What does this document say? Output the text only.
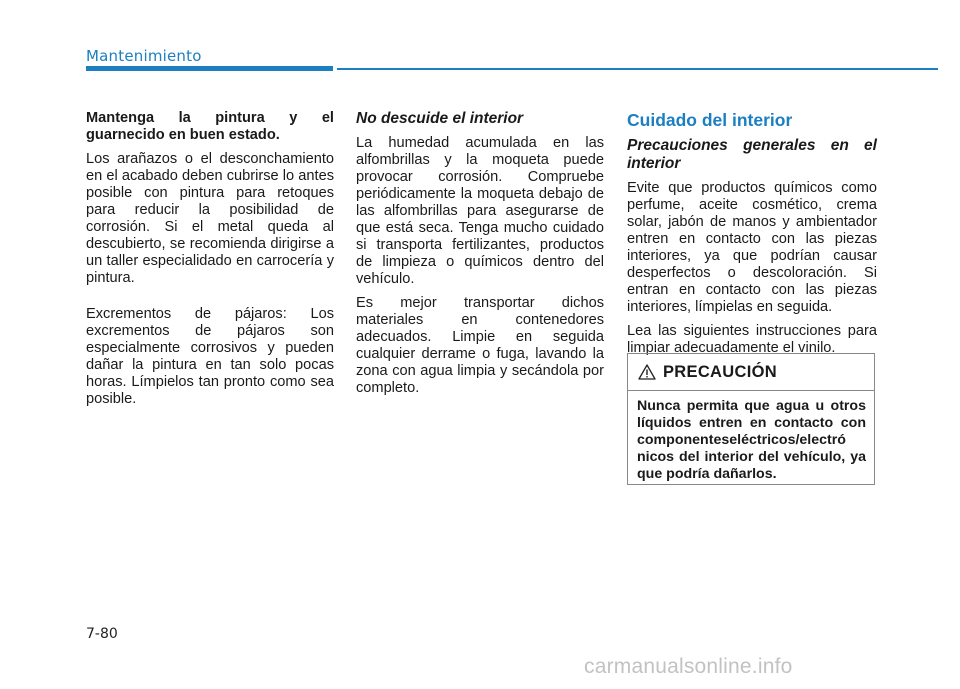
Mantenimiento

Mantenga la pintura y el guarnecido en buen estado.

Los arañazos o el desconchamiento en el acabado deben cubrirse lo antes posible con pintura para retoques para reducir la posibilidad de corrosión. Si el metal queda al descubierto, se recomienda dirigirse a un taller especialidado en carrocería y pintura.

Excrementos de pájaros: Los excrementos de pájaros son especialmente corrosivos y pueden dañar la pintura en tan solo pocas horas. Límpielos tan pronto como sea posible.

No descuide el interior

La humedad acumulada en las alfombrillas y la moqueta puede provocar corrosión. Compruebe periódicamente la moqueta debajo de las alfombrillas para asegurarse de que está seca. Tenga mucho cuidado si transporta fertilizantes, productos de limpieza o químicos dentro del vehículo.

Es mejor transportar dichos materiales en contenedores adecuados. Limpie en seguida cualquier derrame o fuga, lavando la zona con agua limpia y secándola por completo.

Cuidado del interior

Precauciones generales en el interior

Evite que productos químicos como perfume, aceite cosmético, crema solar, jabón de manos y ambientador entren en contacto con las piezas interiores, ya que podrían causar desperfectos o descoloración. Si entran en contacto con las piezas interiores, límpielas en seguida.

Lea las siguientes instrucciones para limpiar adecuadamente el vinilo.

PRECAUCIÓN
Nunca permita que agua u otros líquidos entren en contacto con componenteseléctricos/electró nicos del interior del vehículo, ya que podría dañarlos.
7-80
carmanualsonline.info
